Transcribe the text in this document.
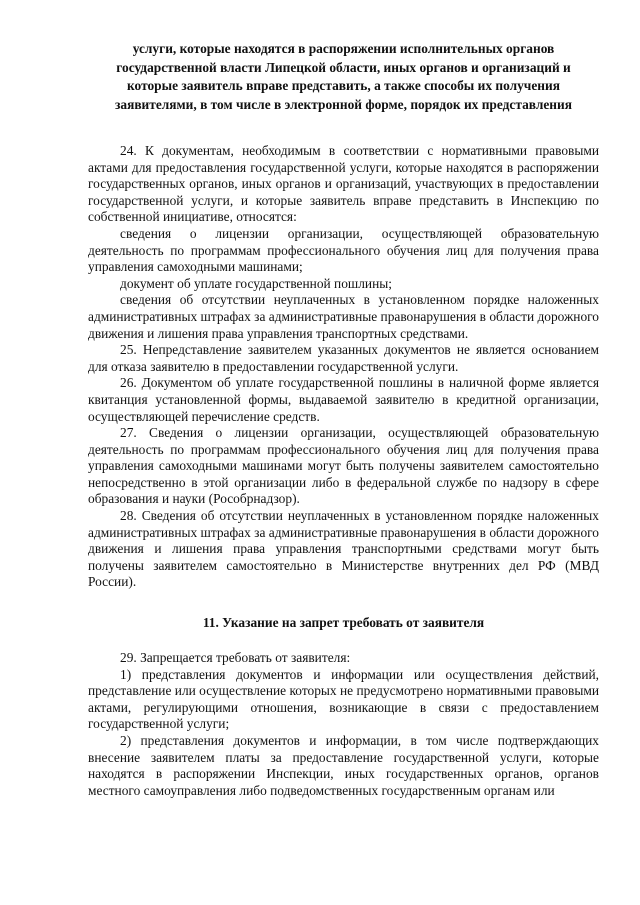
услуги, которые находятся в распоряжении исполнительных органов

государственной власти Липецкой области, иных органов и организаций и

которые заявитель вправе представить, а также способы их получения

заявителями, в том числе в электронной форме, порядок их представления

24. К документам, необходимым в соответствии с нормативными правовыми актами для предоставления государственной услуги, которые находятся в распоряжении государственных органов, иных органов и организаций, участвующих в предоставлении государственной услуги, и которые заявитель вправе представить в Инспекцию по собственной инициативе, относятся:

сведения о лицензии организации, осуществляющей образовательную деятельность по программам профессионального обучения лиц для получения права управления самоходными машинами;

документ об уплате государственной пошлины;

сведения об отсутствии неуплаченных в установленном порядке наложенных административных штрафах за административные правонарушения в области дорожного движения и лишения права управления транспортных средствами.

25. Непредставление заявителем указанных документов не является основанием для отказа заявителю в предоставлении государственной услуги.

26. Документом об уплате государственной пошлины в наличной форме является квитанция установленной формы, выдаваемой заявителю в кредитной организации, осуществляющей перечисление средств.

27. Сведения о лицензии организации, осуществляющей образовательную деятельность по программам профессионального обучения лиц для получения права управления самоходными машинами могут быть получены заявителем самостоятельно непосредственно в этой организации либо в федеральной службе по надзору в сфере образования и науки (Рособрнадзор).

28. Сведения об отсутствии неуплаченных в установленном порядке наложенных административных штрафах за административные правонарушения в области дорожного движения и лишения права управления транспортными средствами могут быть получены заявителем самостоятельно в Министерстве внутренних дел РФ (МВД России).

11. Указание на запрет требовать от заявителя

29. Запрещается требовать от заявителя:

1) представления документов и информации или осуществления действий, представление или осуществление которых не предусмотрено нормативными правовыми актами, регулирующими отношения, возникающие в связи с предоставлением государственной услуги;

2) представления документов и информации, в том числе подтверждающих внесение заявителем платы за предоставление государственной услуги, которые находятся в распоряжении Инспекции, иных государственных органов, органов местного самоуправления либо подведомственных государственным органам или
